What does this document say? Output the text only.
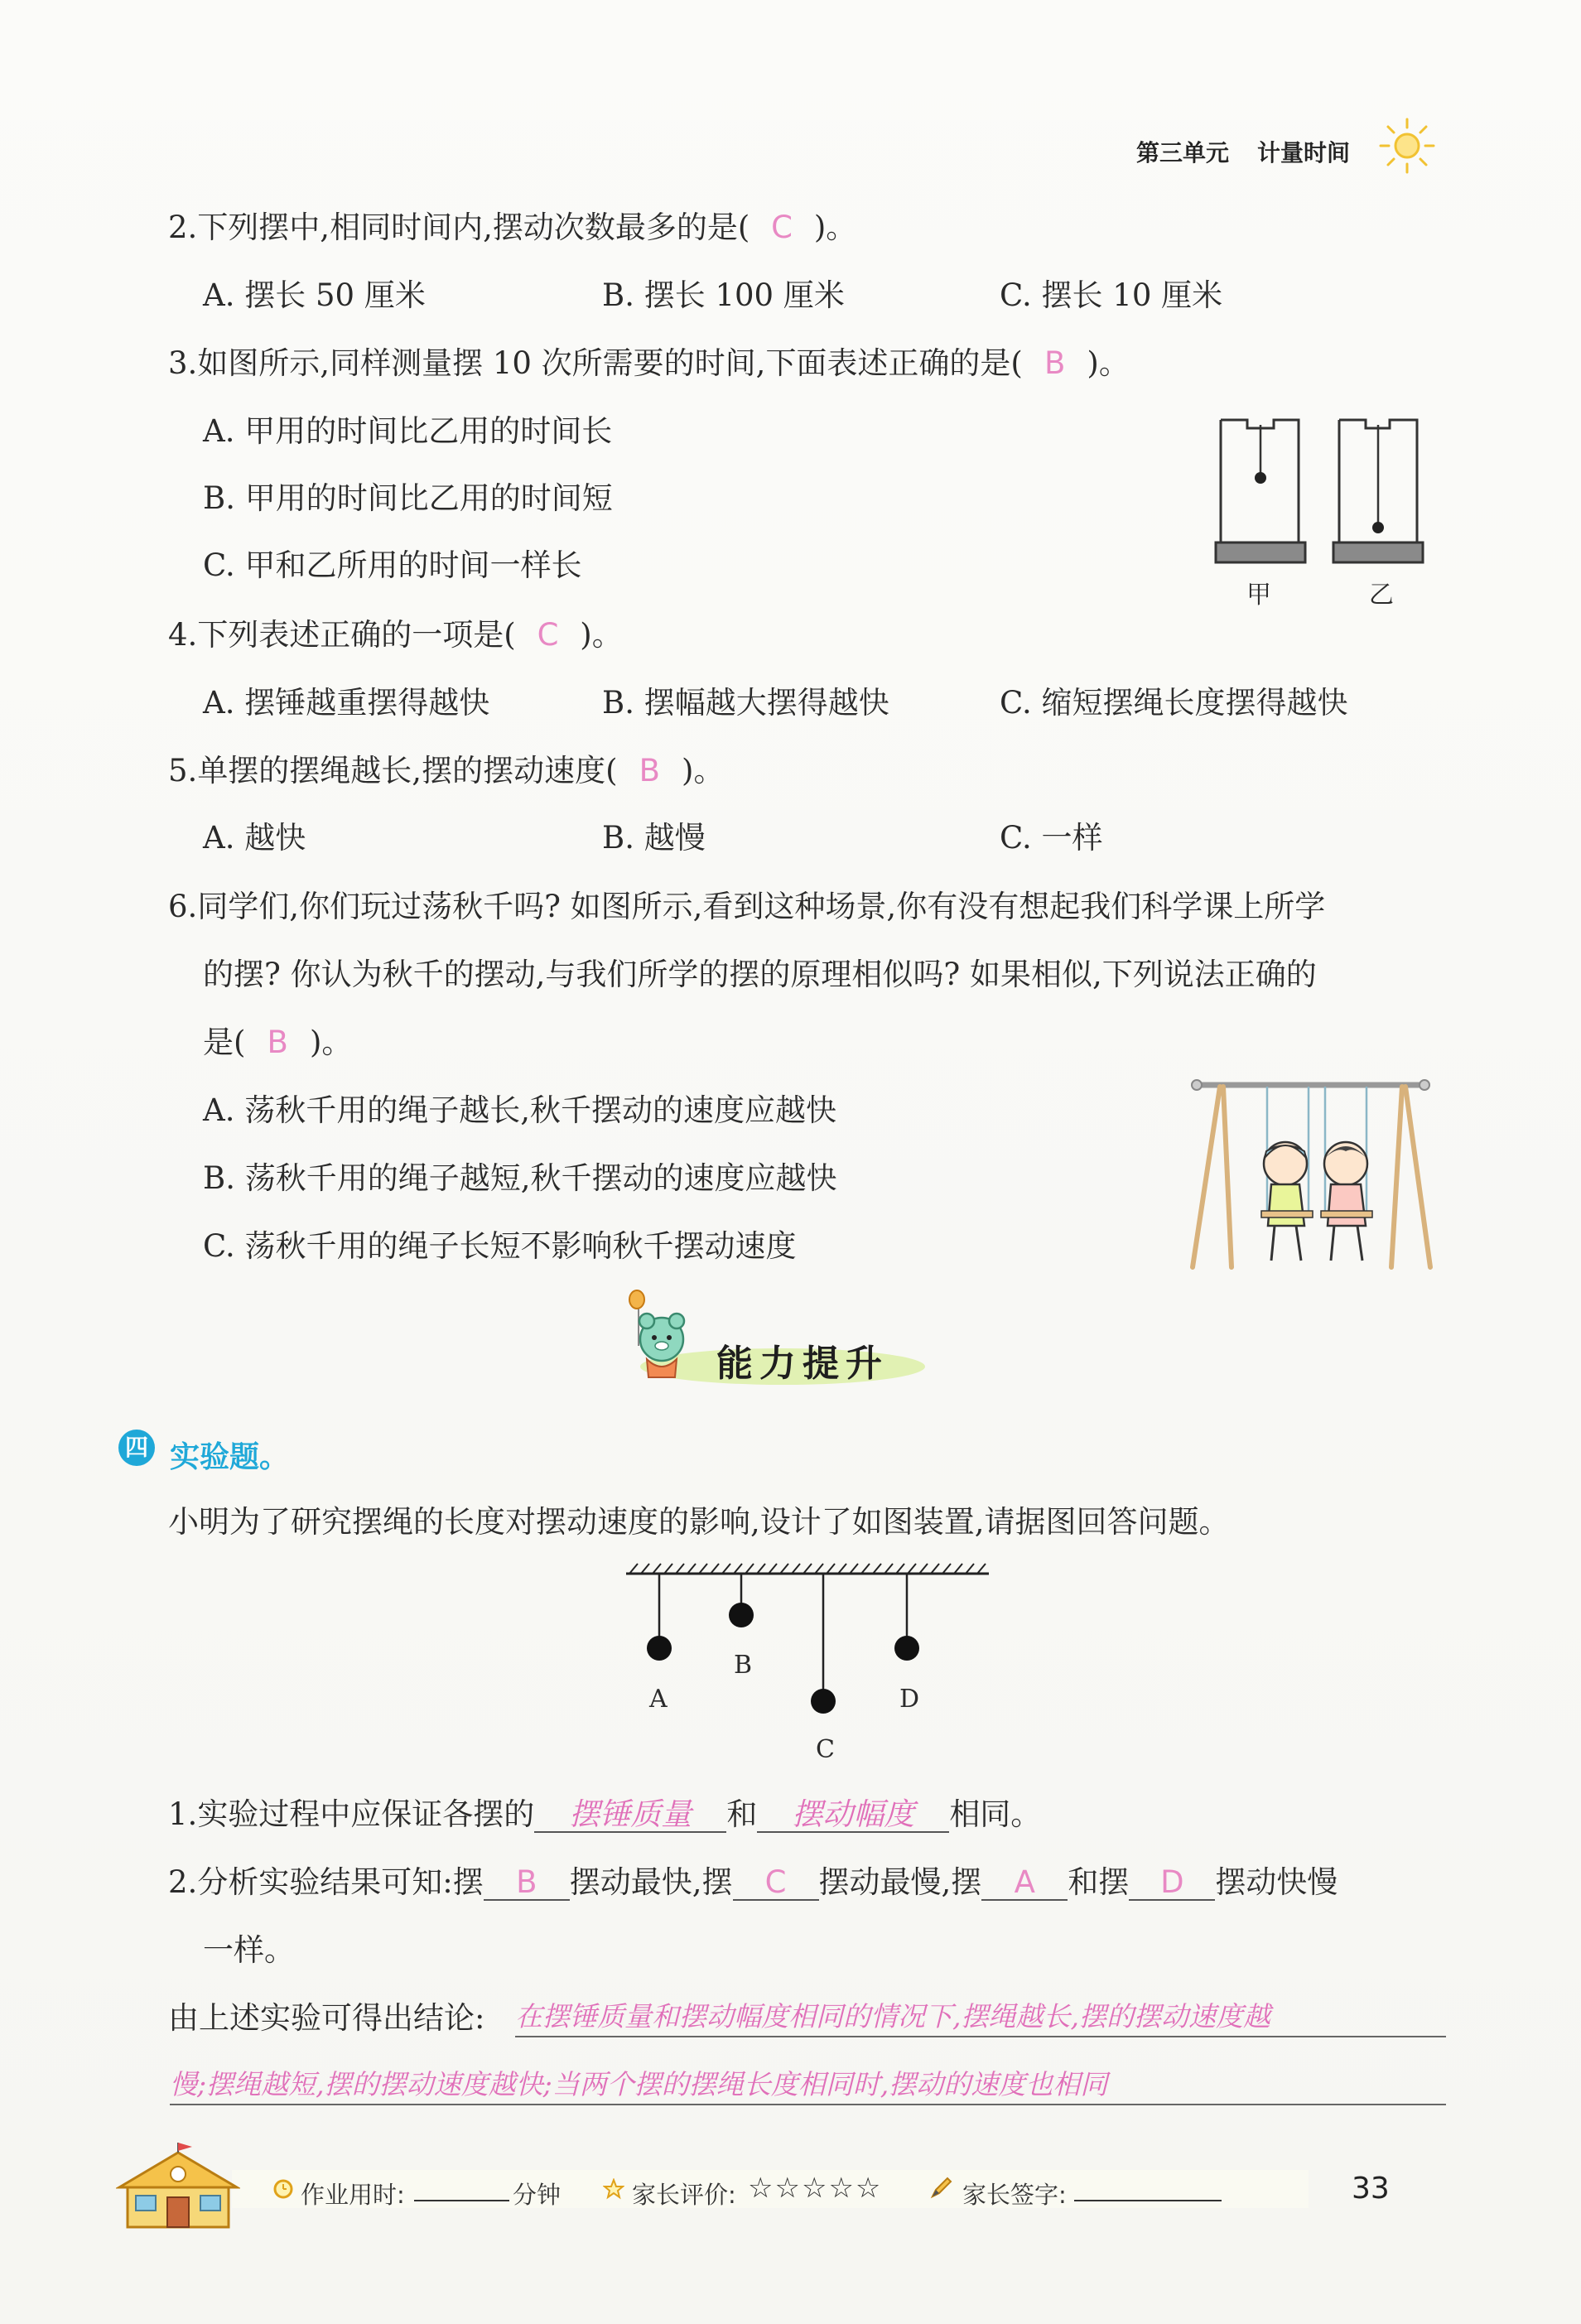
第三单元 计量时间
2.下列摆中,相同时间内,摆动次数最多的是( C )。
A. 摆长 50 厘米	B. 摆长 100 厘米	C. 摆长 10 厘米
3.如图所示,同样测量摆 10 次所需要的时间,下面表述正确的是( B )。
A. 甲用的时间比乙用的时间长
B. 甲用的时间比乙用的时间短
C. 甲和乙所用的时间一样长
甲	乙
4.下列表述正确的一项是( C )。
A. 摆锤越重摆得越快	B. 摆幅越大摆得越快	C. 缩短摆绳长度摆得越快
5.单摆的摆绳越长,摆的摆动速度( B )。
A. 越快	B. 越慢	C. 一样
6.同学们,你们玩过荡秋千吗? 如图所示,看到这种场景,你有没有想起我们科学课上所学
的摆? 你认为秋千的摆动,与我们所学的摆的原理相似吗? 如果相似,下列说法正确的
是( B )。
A. 荡秋千用的绳子越长,秋千摆动的速度应越快
B. 荡秋千用的绳子越短,秋千摆动的速度应越快
C. 荡秋千用的绳子长短不影响秋千摆动速度
能力提升
四 实验题。
小明为了研究摆绳的长度对摆动速度的影响,设计了如图装置,请据图回答问题。
A
B
C
D
1.实验过程中应保证各摆的 摆锤质量 和 摆动幅度 相同。
2.分析实验结果可知:摆 B 摆动最快,摆 C 摆动最慢,摆 A 和摆 D 摆动快慢
一样。
由上述实验可得出结论: 在摆锤质量和摆动幅度相同的情况下,摆绳越长,摆的摆动速度越
慢;摆绳越短,摆的摆动速度越快;当两个摆的摆绳长度相同时,摆动的速度也相同
作业用时:	分钟	家长评价: ☆☆☆☆☆	家长签字:	33
